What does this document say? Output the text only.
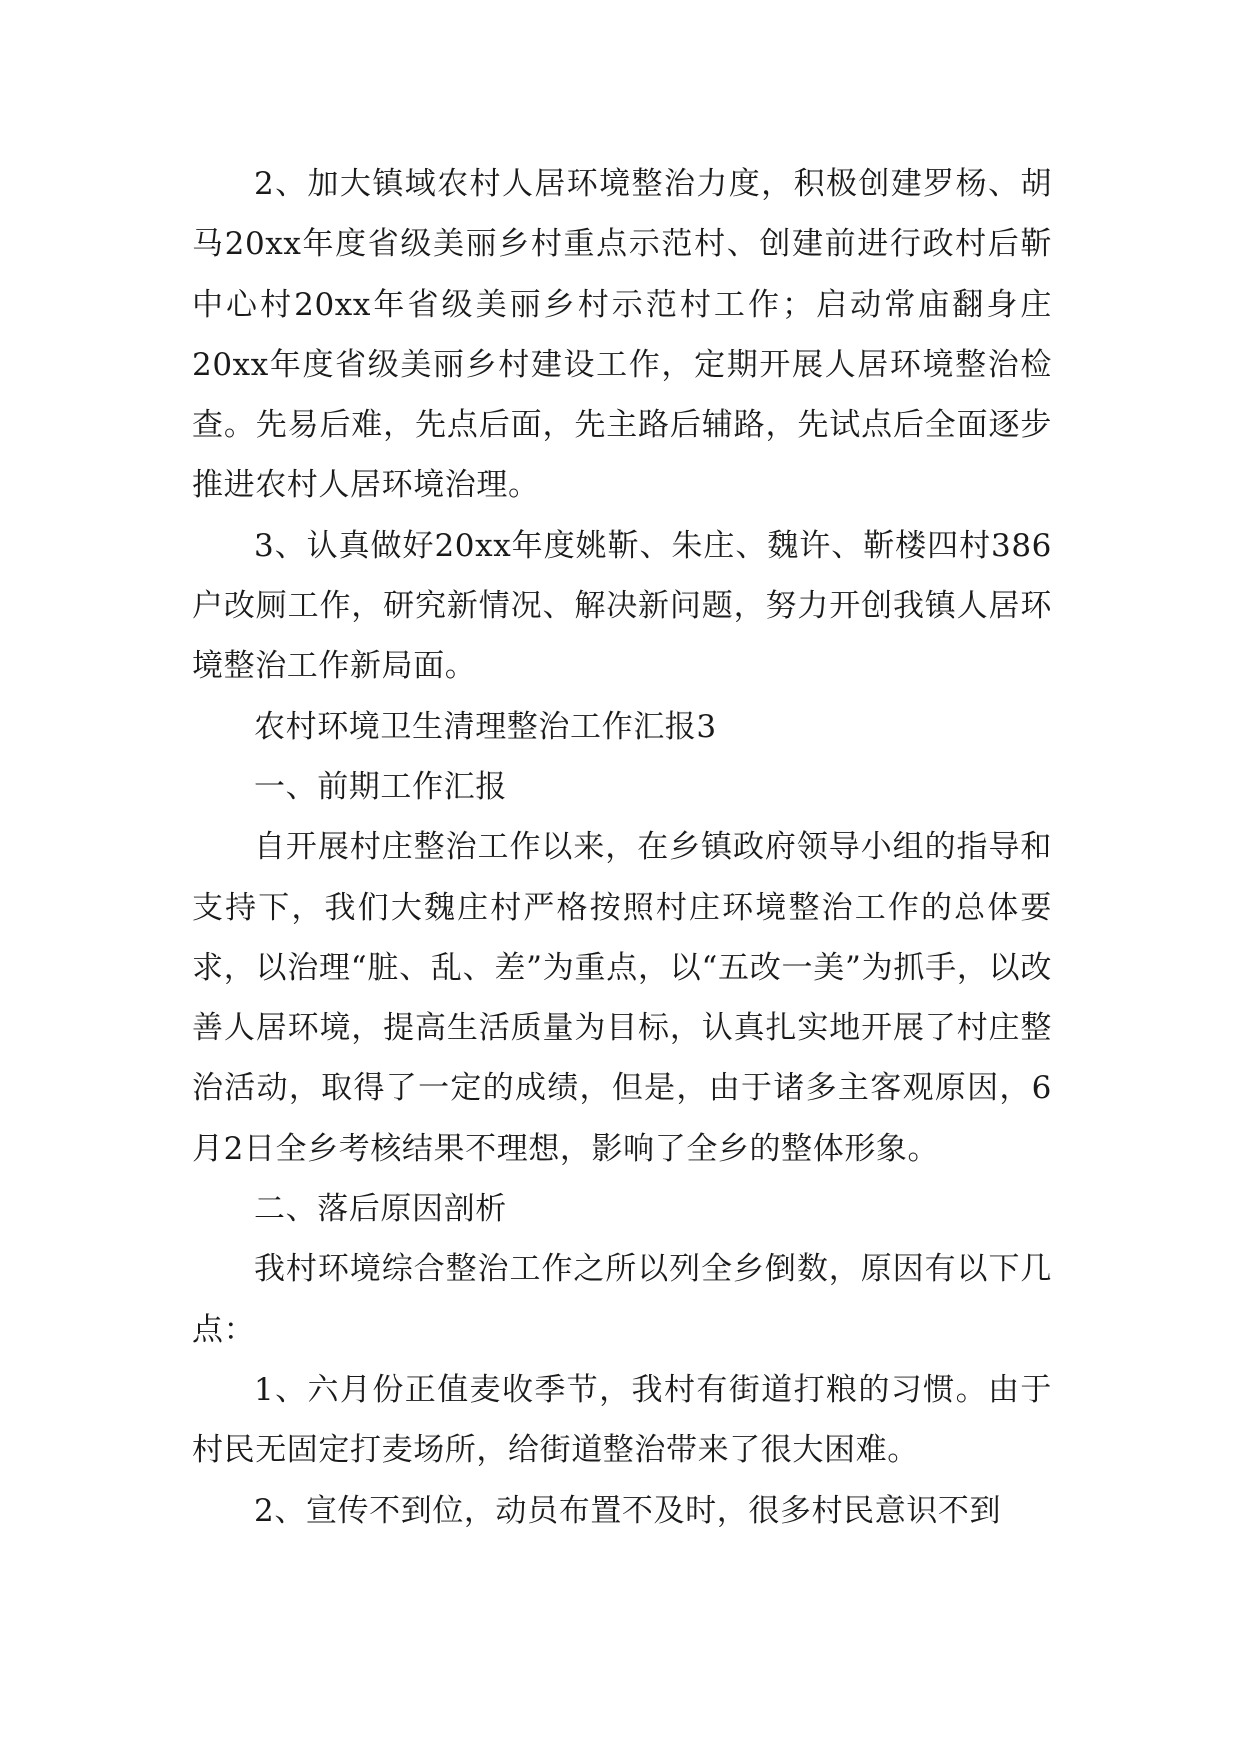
2、加大镇域农村人居环境整治力度，积极创建罗杨、胡马20xx年度省级美丽乡村重点示范村、创建前进行政村后靳中心村20xx年省级美丽乡村示范村工作；启动常庙翻身庄20xx年度省级美丽乡村建设工作，定期开展人居环境整治检查。先易后难，先点后面，先主路后辅路，先试点后全面逐步推进农村人居环境治理。

3、认真做好20xx年度姚靳、朱庄、魏许、靳楼四村386户改厕工作，研究新情况、解决新问题，努力开创我镇人居环境整治工作新局面。

农村环境卫生清理整治工作汇报3

一、前期工作汇报

自开展村庄整治工作以来，在乡镇政府领导小组的指导和支持下，我们大魏庄村严格按照村庄环境整治工作的总体要求，以治理“脏、乱、差”为重点，以“五改一美”为抓手，以改善人居环境，提高生活质量为目标，认真扎实地开展了村庄整治活动，取得了一定的成绩，但是，由于诸多主客观原因，6月2日全乡考核结果不理想，影响了全乡的整体形象。

二、落后原因剖析

我村环境综合整治工作之所以列全乡倒数，原因有以下几点：

1、六月份正值麦收季节，我村有街道打粮的习惯。由于村民无固定打麦场所，给街道整治带来了很大困难。

2、宣传不到位，动员布置不及时，很多村民意识不到
